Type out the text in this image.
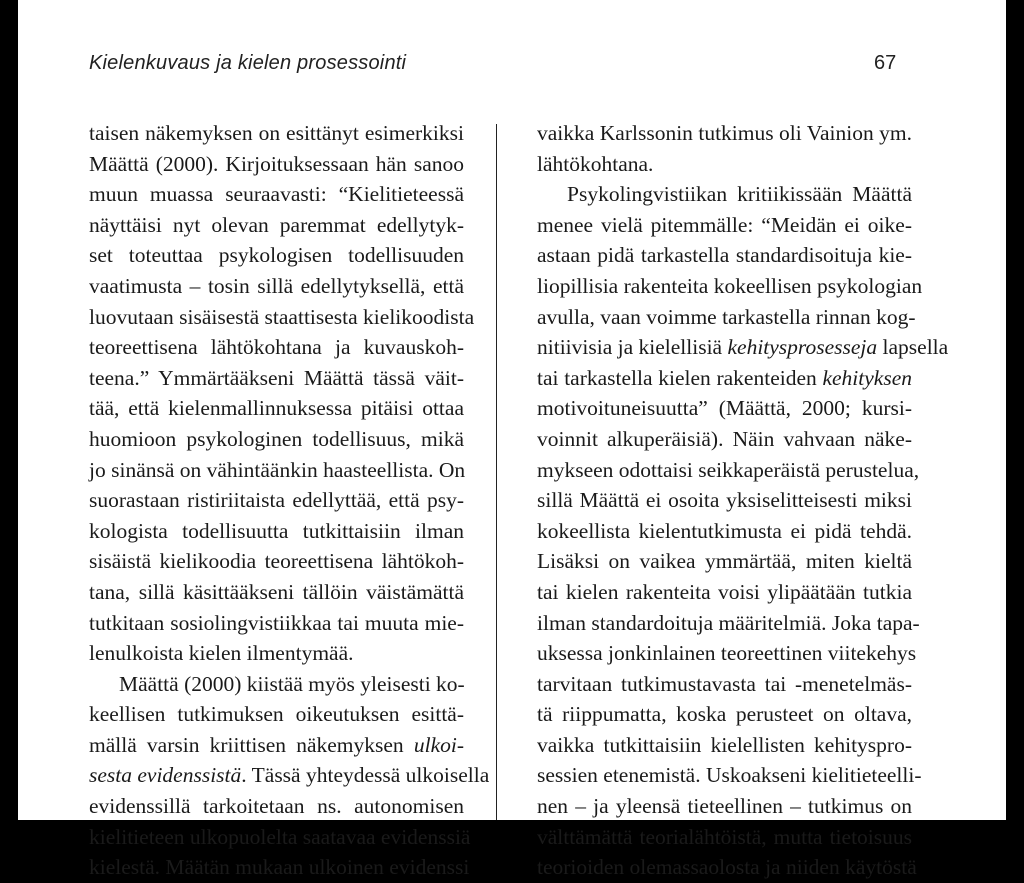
Kielenkuvaus ja kielen prosessointi	67
taisen näkemyksen on esittänyt esimerkiksi
Määttä (2000). Kirjoituksessaan hän sanoo
muun muassa seuraavasti: “Kielitieteessä
näyttäisi nyt olevan paremmat edellytyk-
set toteuttaa psykologisen todellisuuden
vaatimusta – tosin sillä edellytyksellä, että
luovutaan sisäisestä staattisesta kielikoodista
teoreettisena lähtökohtana ja kuvauskoh-
teena.” Ymmärtääkseni Määttä tässä väit-
tää, että kielenmallinnuksessa pitäisi ottaa
huomioon psykologinen todellisuus, mikä
jo sinänsä on vähintäänkin haasteellista. On
suorastaan ristiriitaista edellyttää, että psy-
kologista todellisuutta tutkittaisiin ilman
sisäistä kielikoodia teoreettisena lähtökoh-
tana, sillä käsittääkseni tällöin väistämättä
tutkitaan sosiolingvistiikkaa tai muuta mie-
lenulkoista kielen ilmentymää.
Määttä (2000) kiistää myös yleisesti ko-
keellisen tutkimuksen oikeutuksen esittä-
mällä varsin kriittisen näkemyksen ulkoi-
sesta evidenssistä. Tässä yhteydessä ulkoisella
evidenssillä tarkoitetaan ns. autonomisen
kielitieteen ulkopuolelta saatavaa evidenssiä
kielestä. Määtän mukaan ulkoinen evidenssi
vaikka Karlssonin tutkimus oli Vainion ym.
lähtökohtana.
Psykolingvistiikan kritiikissään Määttä
menee vielä pitemmälle: “Meidän ei oike-
astaan pidä tarkastella standardisoituja kie-
liopillisia rakenteita kokeellisen psykologian
avulla, vaan voimme tarkastella rinnan kog-
nitiivisia ja kielellisiä kehitysprosesseja lapsella
tai tarkastella kielen rakenteiden kehityksen
motivoituneisuutta” (Määttä, 2000; kursi-
voinnit alkuperäisiä). Näin vahvaan näke-
mykseen odottaisi seikkaperäistä perustelua,
sillä Määttä ei osoita yksiselitteisesti miksi
kokeellista kielentutkimusta ei pidä tehdä.
Lisäksi on vaikea ymmärtää, miten kieltä
tai kielen rakenteita voisi ylipäätään tutkia
ilman standardoituja määritelmiä. Joka tapa-
uksessa jonkinlainen teoreettinen viitekehys
tarvitaan tutkimustavasta tai -menetelmäs-
tä riippumatta, koska perusteet on oltava,
vaikka tutkittaisiin kielellisten kehityspro-
sessien etenemistä. Uskoakseni kielitieteelli-
nen – ja yleensä tieteellinen – tutkimus on
välttämättä teorialähtöistä, mutta tietoisuus
teorioiden olemassaolosta ja niiden käytöstä
